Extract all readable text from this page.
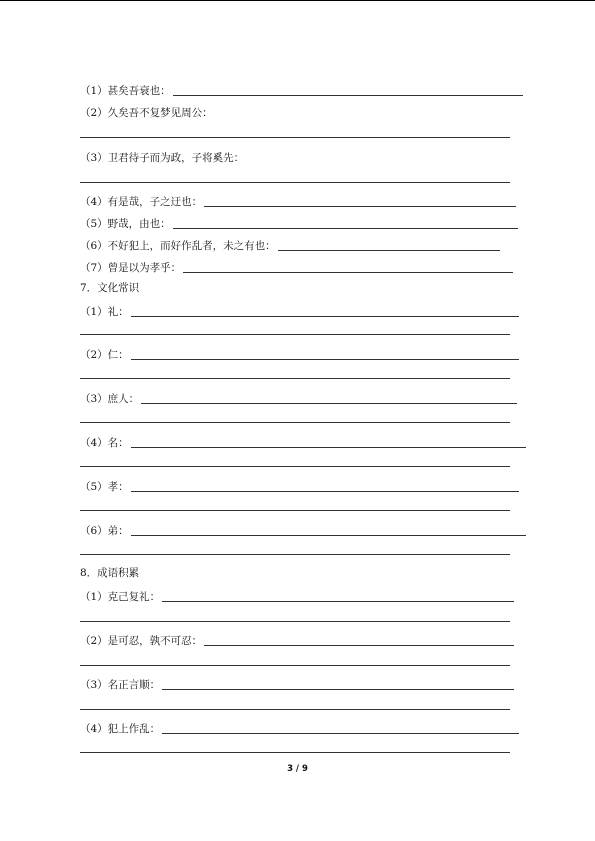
（1）甚矣吾衰也：
（2）久矣吾不复梦见周公：
（3）卫君待子而为政，子将奚先：
（4）有是哉，子之迂也：
（5）野哉，由也：
（6）不好犯上，而好作乱者，未之有也：
（7）曾是以为孝乎：
7．文化常识
（1）礼：
（2）仁：
（3）庶人：
（4）名：
（5）孝：
（6）弟：
8．成语积累
（1）克己复礼：
（2）是可忍，孰不可忍：
（3）名正言顺：
（4）犯上作乱：
3 / 9
